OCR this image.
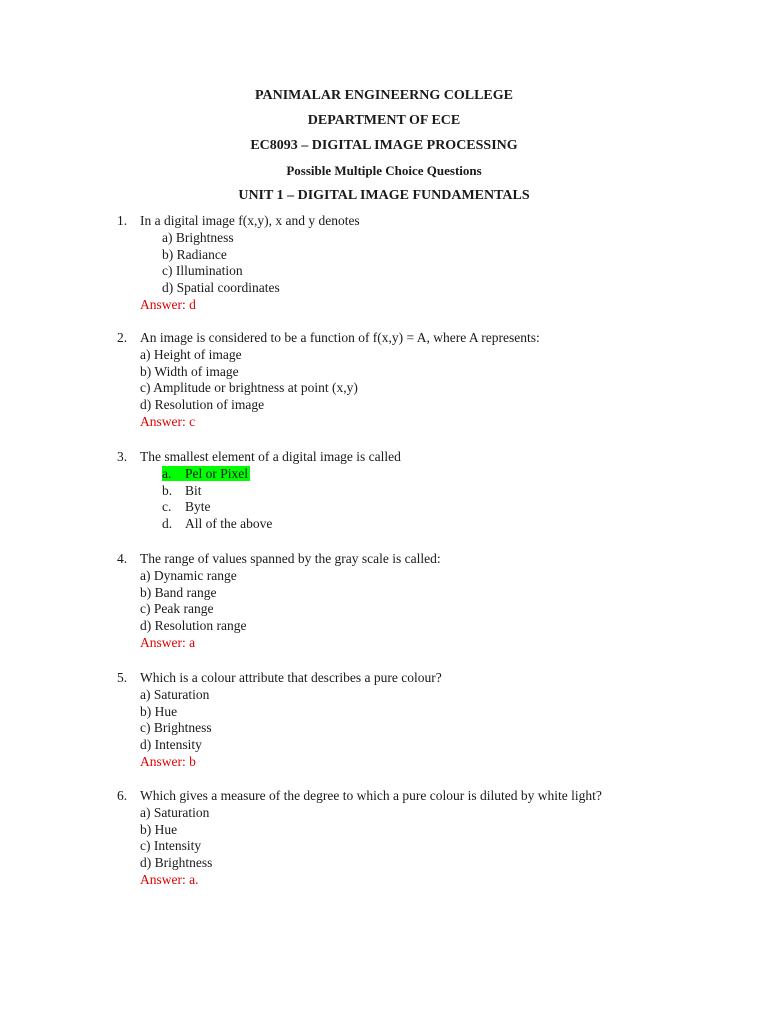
PANIMALAR ENGINEERNG COLLEGE
DEPARTMENT OF ECE
EC8093 – DIGITAL IMAGE PROCESSING
Possible Multiple Choice Questions
UNIT 1 – DIGITAL IMAGE FUNDAMENTALS
1. In a digital image f(x,y), x and y denotes
a) Brightness
b) Radiance
c) Illumination
d) Spatial coordinates
Answer: d
2. An image is considered to be a function of f(x,y) = A, where A represents:
a) Height of image
b) Width of image
c) Amplitude or brightness at point (x,y)
d) Resolution of image
Answer: c
3. The smallest element of a digital image is called
a. Pel or Pixel
b. Bit
c. Byte
d. All of the above
4. The range of values spanned by the gray scale is called:
a) Dynamic range
b) Band range
c) Peak range
d) Resolution range
Answer: a
5. Which is a colour attribute that describes a pure colour?
a) Saturation
b) Hue
c) Brightness
d) Intensity
Answer: b
6. Which gives a measure of the degree to which a pure colour is diluted by white light?
a) Saturation
b) Hue
c) Intensity
d) Brightness
Answer: a.
